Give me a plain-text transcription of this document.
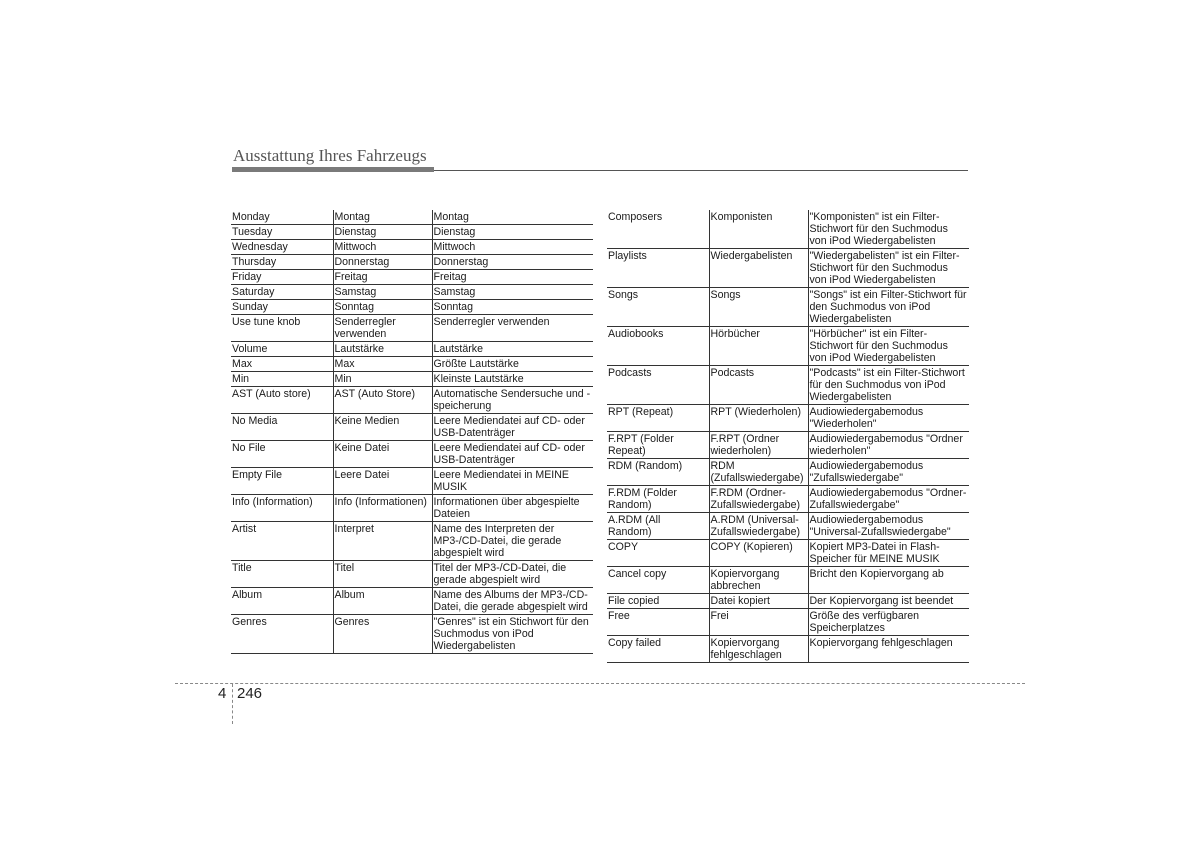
Ausstattung Ihres Fahrzeugs
Monday	Montag	Montag
Tuesday	Dienstag	Dienstag
Wednesday	Mittwoch	Mittwoch
Thursday	Donnerstag	Donnerstag
Friday	Freitag	Freitag
Saturday	Samstag	Samstag
Sunday	Sonntag	Sonntag
Use tune knob	Senderregler verwenden	Senderregler verwenden
Volume	Lautstärke	Lautstärke
Max	Max	Größte Lautstärke
Min	Min	Kleinste Lautstärke
AST (Auto store)	AST (Auto Store)	Automatische Sendersuche und -speicherung
No Media	Keine Medien	Leere Mediendatei auf CD- oder USB-Datenträger
No File	Keine Datei	Leere Mediendatei auf CD- oder USB-Datenträger
Empty File	Leere Datei	Leere Mediendatei in MEINE MUSIK
Info (Information)	Info (Informationen)	Informationen über abgespielte Dateien
Artist	Interpret	Name des Interpreten der MP3-/CD-Datei, die gerade abgespielt wird
Title	Titel	Titel der MP3-/CD-Datei, die gerade abgespielt wird
Album	Album	Name des Albums der MP3-/CD-Datei, die gerade abgespielt wird
Genres	Genres	"Genres" ist ein Stichwort für den Suchmodus von iPod Wiedergabelisten
Composers	Komponisten	"Komponisten" ist ein Filter-Stichwort für den Suchmodus von iPod Wiedergabelisten
Playlists	Wiedergabelisten	"Wiedergabelisten" ist ein Filter-Stichwort für den Suchmodus von iPod Wiedergabelisten
Songs	Songs	"Songs" ist ein Filter-Stichwort für den Suchmodus von iPod Wiedergabelisten
Audiobooks	Hörbücher	"Hörbücher" ist ein Filter-Stichwort für den Suchmodus von iPod Wiedergabelisten
Podcasts	Podcasts	"Podcasts" ist ein Filter-Stichwort für den Suchmodus von iPod Wiedergabelisten
RPT (Repeat)	RPT (Wiederholen)	Audiowiedergabemodus "Wiederholen"
F.RPT (Folder Repeat)	F.RPT (Ordner wiederholen)	Audiowiedergabemodus "Ordner wiederholen"
RDM (Random)	RDM (Zufallswiedergabe)	Audiowiedergabemodus "Zufallswiedergabe"
F.RDM (Folder Random)	F.RDM (Ordner-Zufallswiedergabe)	Audiowiedergabemodus "Ordner-Zufallswiedergabe"
A.RDM (All Random)	A.RDM (Universal-Zufallswiedergabe)	Audiowiedergabemodus "Universal-Zufallswiedergabe"
COPY	COPY (Kopieren)	Kopiert MP3-Datei in Flash-Speicher für MEINE MUSIK
Cancel copy	Kopiervorgang abbrechen	Bricht den Kopiervorgang ab
File copied	Datei kopiert	Der Kopiervorgang ist beendet
Free	Frei	Größe des verfügbaren Speicherplatzes
Copy failed	Kopiervorgang fehlgeschlagen	Kopiervorgang fehlgeschlagen
4 246
